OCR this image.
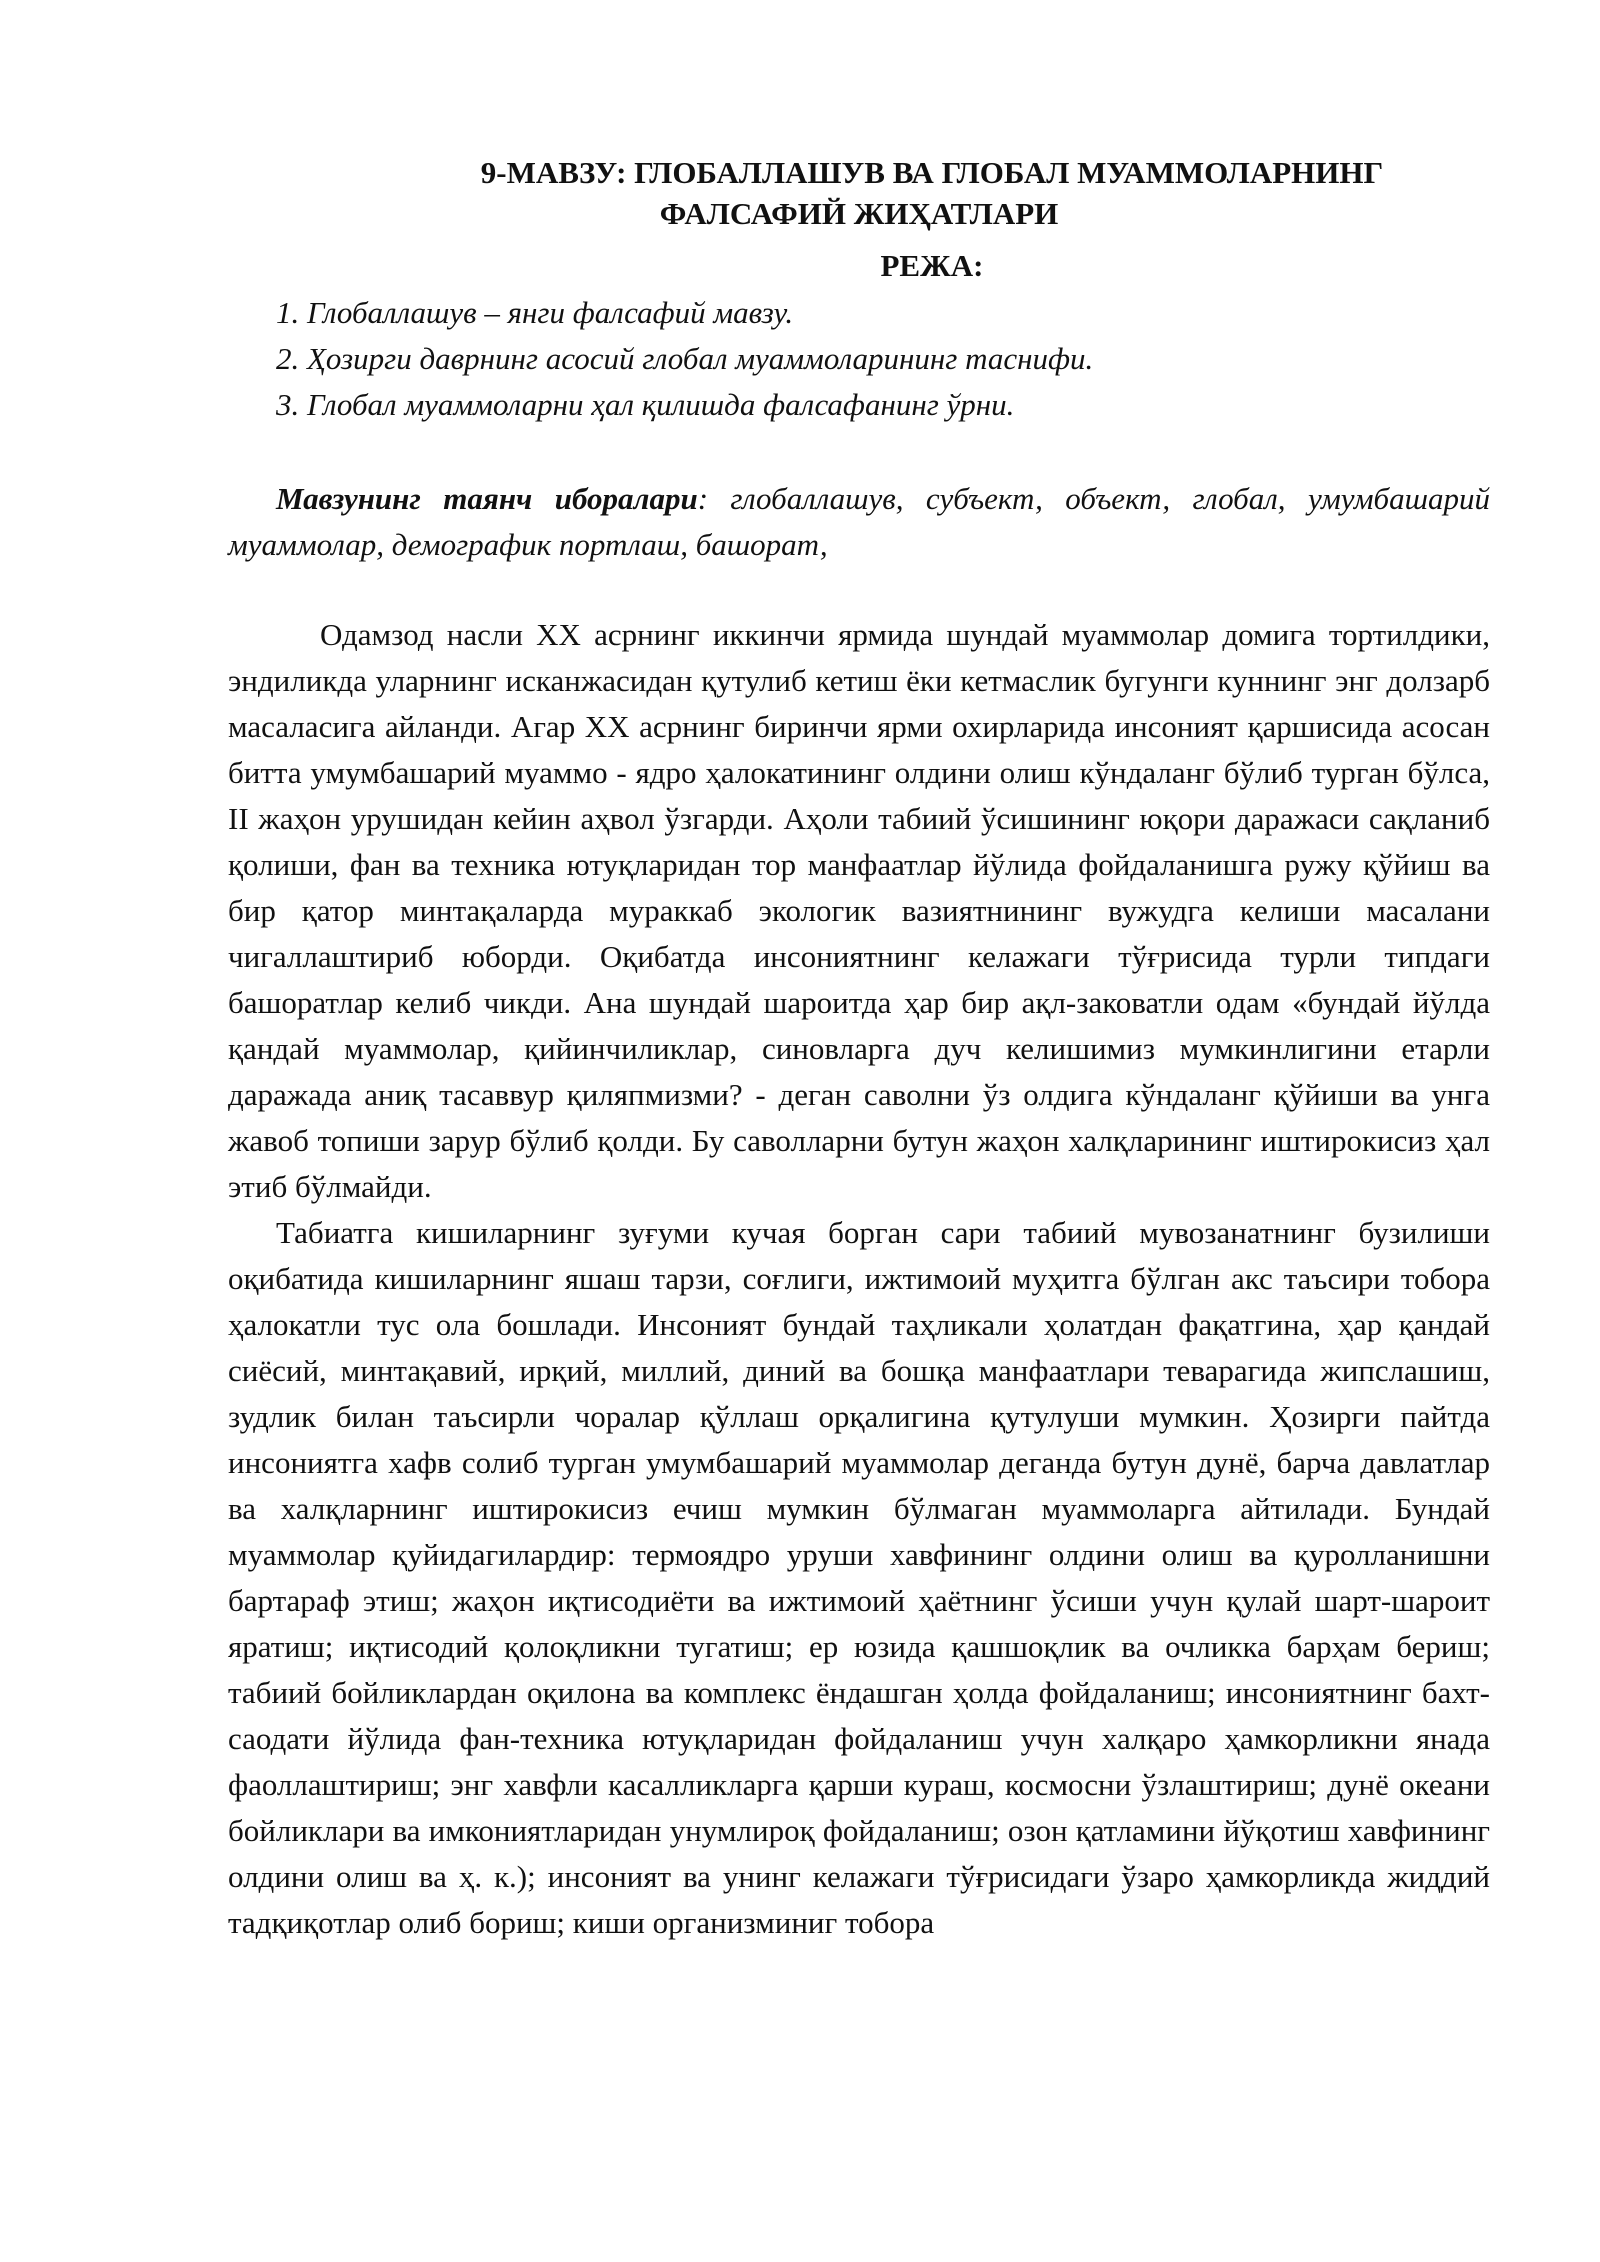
9-МАВЗУ: ГЛОБАЛЛАШУВ ВА ГЛОБАЛ МУАММОЛАРНИНГ
ФАЛСАФИЙ ЖИҲАТЛАРИ
РЕЖА:
1. Глобаллашув – янги фалсафий мавзу.
2. Ҳозирги даврнинг асосий глобал муаммоларининг таснифи.
3. Глобал муаммоларни ҳал қилишда фалсафанинг ўрни.

Мавзунинг таянч иборалари: глобаллашув, субъект, объект, глобал, умумбашарий муаммолар, демографик портлаш, башорат,

Одамзод насли ХХ асрнинг иккинчи ярмида шундай муаммолар домига тортилдики, эндиликда уларнинг исканжасидан қутулиб кетиш ёки кетмаслик бугунги куннинг энг долзарб масаласига айланди. Агар ХХ асрнинг биринчи ярми охирларида инсоният қаршисида асосан битта умумбашарий муаммо - ядро ҳалокатининг олдини олиш кўндаланг бўлиб турган бўлса, II жаҳон урушидан кейин аҳвол ўзгарди. Аҳоли табиий ўсишининг юқори даражаси сақланиб қолиши, фан ва техника ютуқларидан тор манфаатлар йўлида фойдаланишга ружу қўйиш ва бир қатор минтақаларда мураккаб экологик вазиятнининг вужудга келиши масалани чигаллаштириб юборди. Оқибатда инсониятнинг келажаги тўғрисида турли типдаги башоратлар келиб чикди. Ана шундай шароитда ҳар бир ақл-заковатли одам «бундай йўлда қандай муаммолар, қийинчиликлар, синовларга дуч келишимиз мумкинлигини етарли даражада аниқ тасаввур қиляпмизми? - деган саволни ўз олдига кўндаланг қўйиши ва унга жавоб топиши зарур бўлиб қолди. Бу саволларни бутун жаҳон халқларининг иштирокисиз ҳал этиб бўлмайди.

Табиатга кишиларнинг зуғуми кучая борган сари табиий мувозанатнинг бузилиши оқибатида кишиларнинг яшаш тарзи, соғлиги, ижтимоий муҳитга бўлган акс таъсири тобора ҳалокатли тус ола бошлади. Инсоният бундай таҳликали ҳолатдан фақатгина, ҳар қандай сиёсий, минтақавий, ирқий, миллий, диний ва бошқа манфаатлари теварагида жипслашиш, зудлик билан таъсирли чоралар қўллаш орқалигина қутулуши мумкин. Ҳозирги пайтда инсониятга хафв солиб турган умумбашарий муаммолар деганда бутун дунё, барча давлатлар ва халқларнинг иштирокисиз ечиш мумкин бўлмаган муаммоларга айтилади. Бундай муаммолар қуйидагилардир: термоядро уруши хавфининг олдини олиш ва қуролланишни бартараф этиш; жаҳон иқтисодиёти ва ижтимоий ҳаётнинг ўсиши учун қулай шарт-шароит яратиш; иқтисодий қолоқликни тугатиш; ер юзида қашшоқлик ва очликка барҳам бериш; табиий бойликлардан оқилона ва комплекс ёндашган ҳолда фойдаланиш; инсониятнинг бахт-саодати йўлида фан-техника ютуқларидан фойдаланиш учун халқаро ҳамкорликни янада фаоллаштириш; энг хавфли касалликларга қарши кураш, космосни ўзлаштириш; дунё океани бойликлари ва имкониятларидан унумлироқ фойдаланиш; озон қатламини йўқотиш хавфининг олдини олиш ва ҳ. к.); инсоният ва унинг келажаги тўғрисидаги ўзаро ҳамкорликда жиддий тадқиқотлар олиб бориш; киши организминиг тобора
